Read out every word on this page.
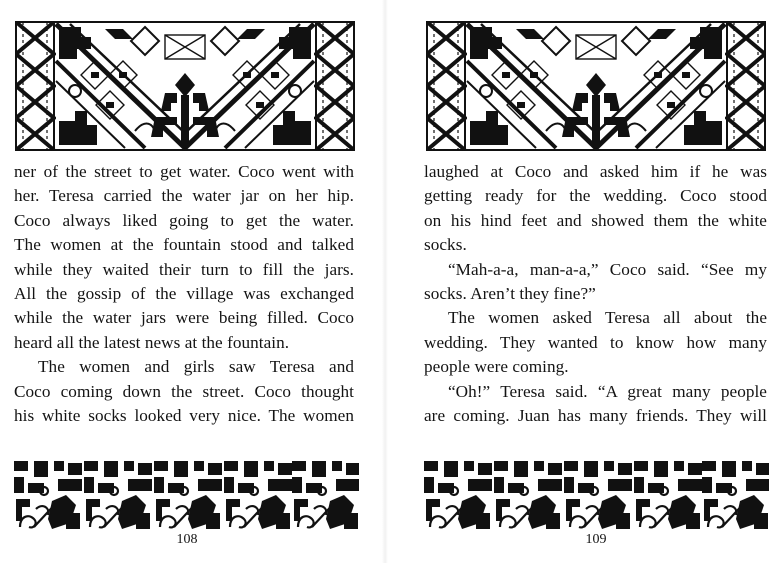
ner of the street to get water. Coco went with
her. Teresa carried the water jar on her hip.
Coco always liked going to get the water.
The women at the fountain stood and talked
while they waited their turn to fill the jars.
All the gossip of the village was exchanged
while the water jars were being filled. Coco
heard all the latest news at the fountain.
The women and girls saw Teresa and
Coco coming down the street. Coco thought
his white socks looked very nice. The women
108
laughed at Coco and asked him if he was
getting ready for the wedding. Coco stood
on his hind feet and showed them the white
socks.
“Mah-a-a, man-a-a,” Coco said. “See my
socks. Aren’t they fine?”
The women asked Teresa all about the
wedding. They wanted to know how many
people were coming.
“Oh!” Teresa said. “A great many people
are coming. Juan has many friends. They will
109
